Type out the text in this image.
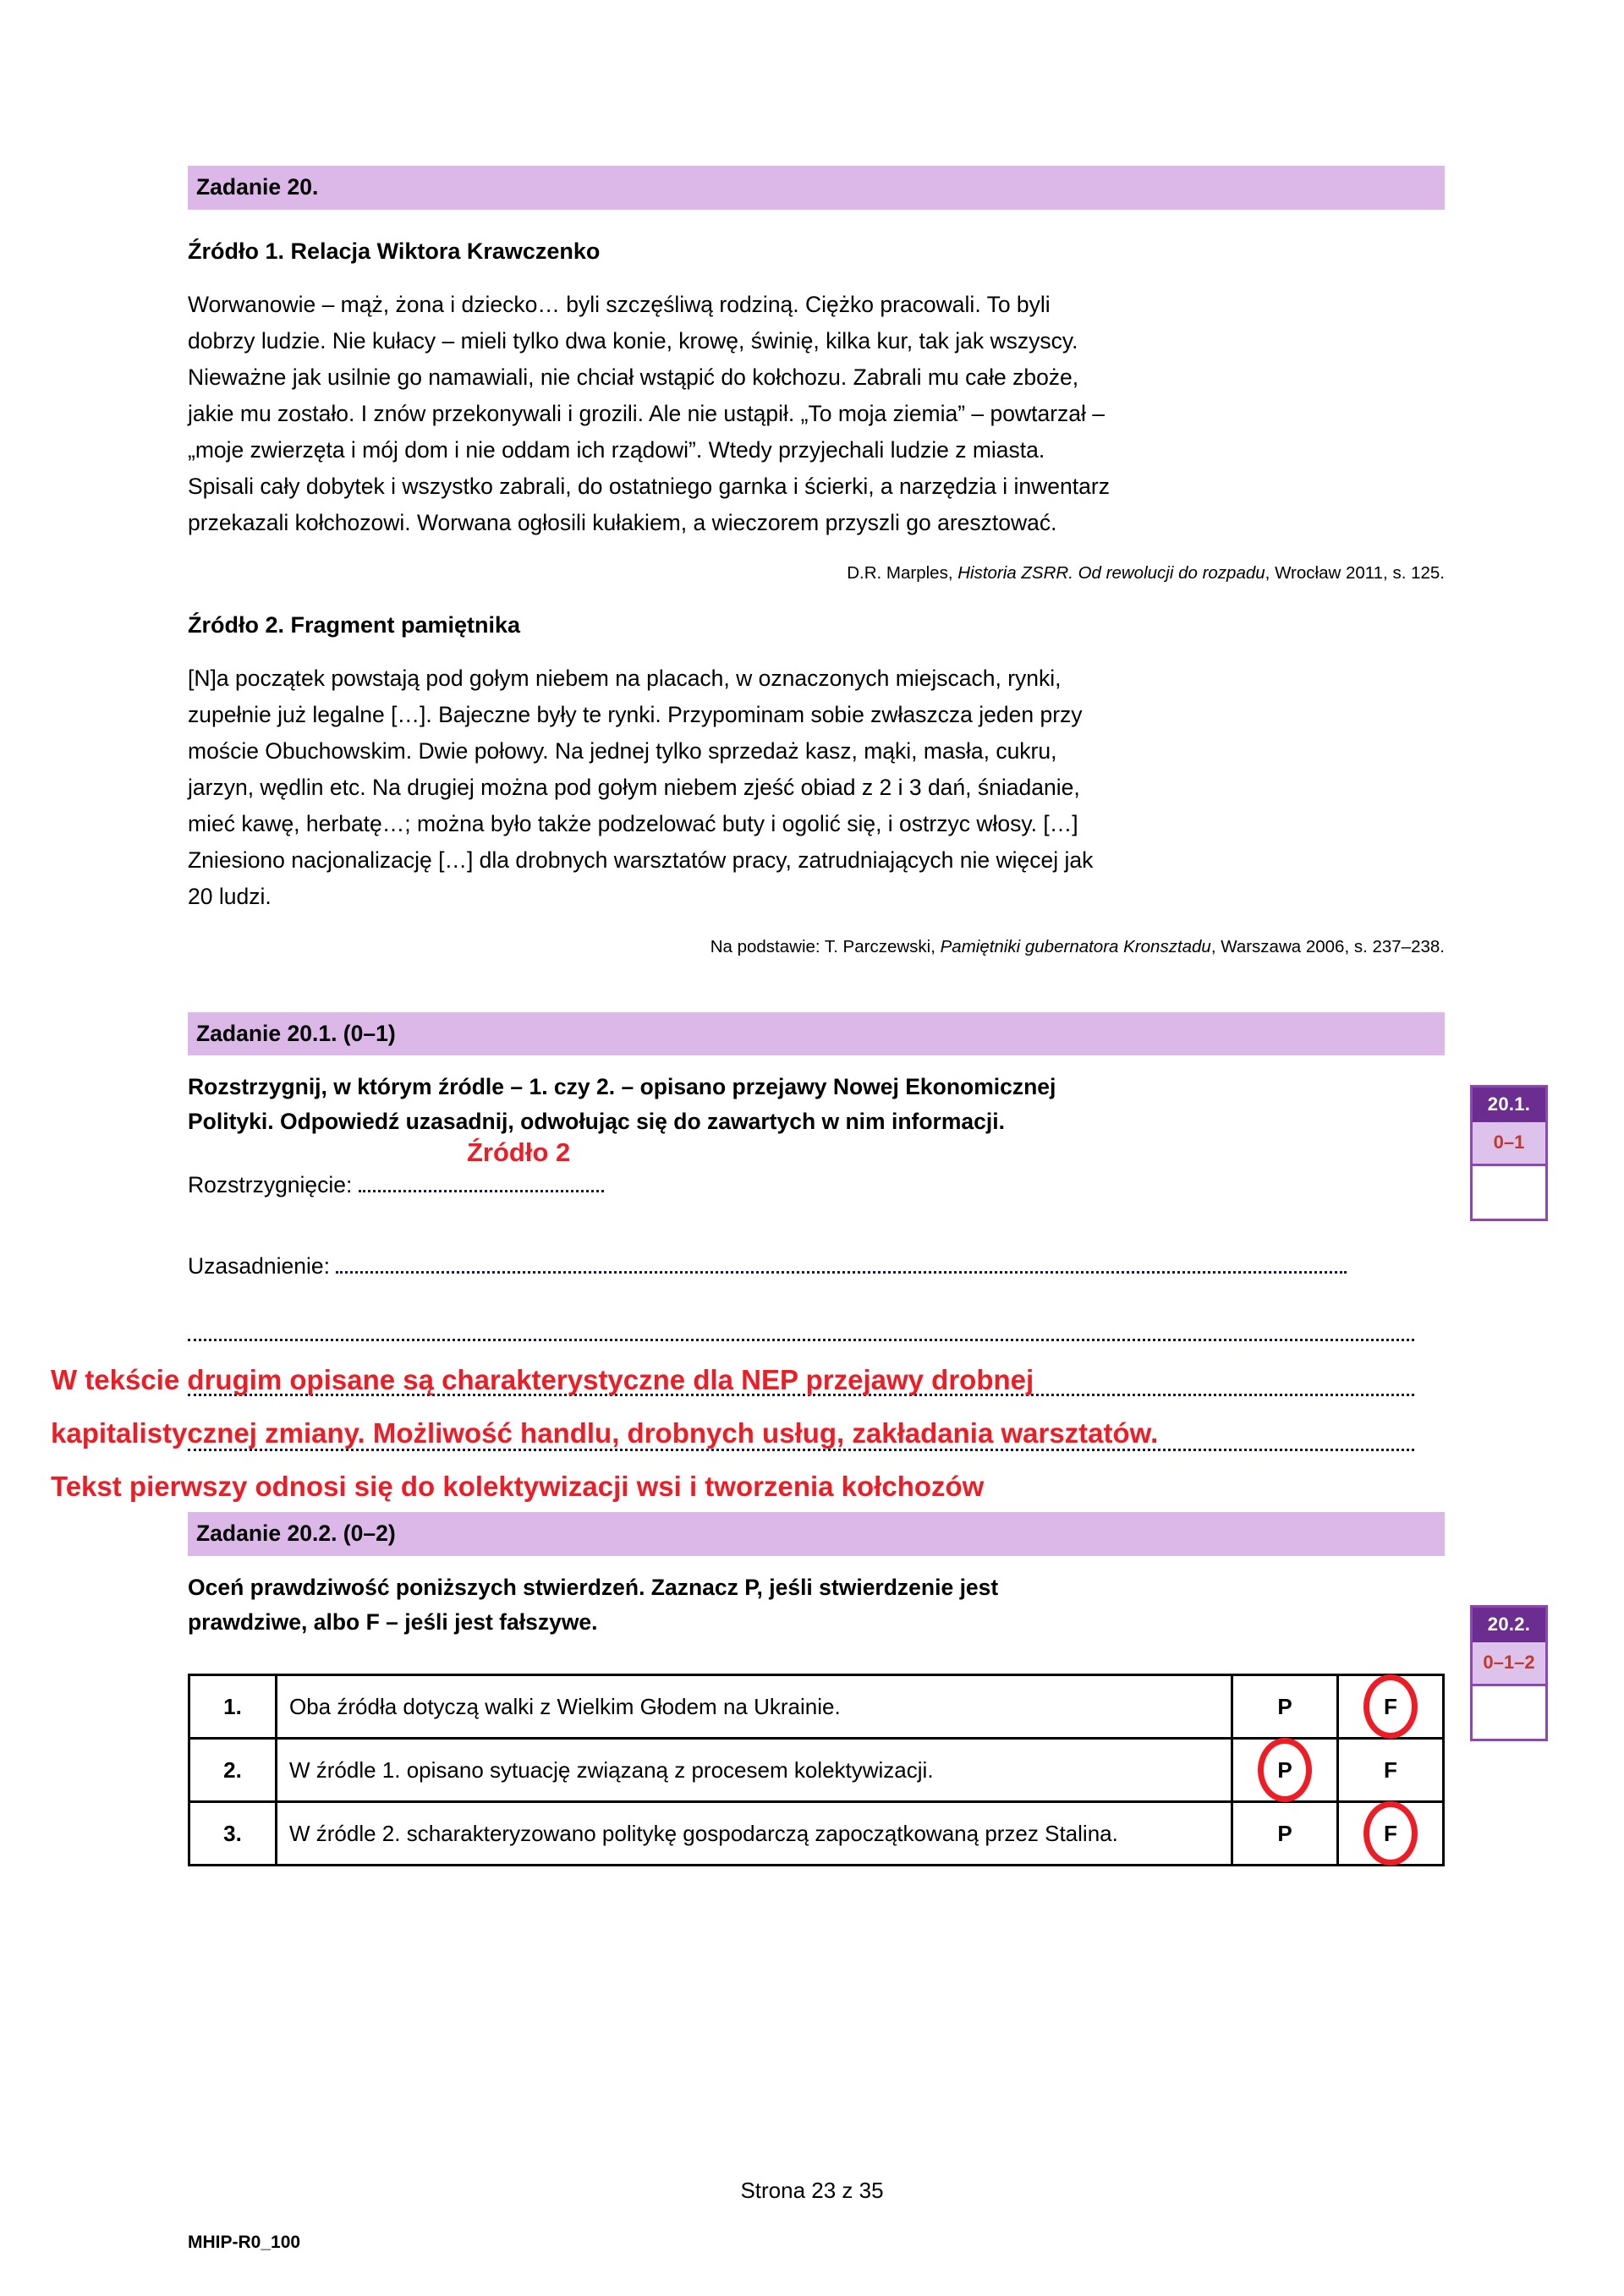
Zadanie 20.
Źródło 1. Relacja Wiktora Krawczenko
Worwanowie – mąż, żona i dziecko… byli szczęśliwą rodziną. Ciężko pracowali. To byli
dobrzy ludzie. Nie kułacy – mieli tylko dwa konie, krowę, świnię, kilka kur, tak jak wszyscy.
Nieważne jak usilnie go namawiali, nie chciał wstąpić do kołchozu. Zabrali mu całe zboże,
jakie mu zostało. I znów przekonywali i grozili. Ale nie ustąpił. „To moja ziemia” – powtarzał –
„moje zwierzęta i mój dom i nie oddam ich rządowi”. Wtedy przyjechali ludzie z miasta.
Spisali cały dobytek i wszystko zabrali, do ostatniego garnka i ścierki, a narzędzia i inwentarz
przekazali kołchozowi. Worwana ogłosili kułakiem, a wieczorem przyszli go aresztować.
D.R. Marples, Historia ZSRR. Od rewolucji do rozpadu, Wrocław 2011, s. 125.
Źródło 2. Fragment pamiętnika
[N]a początek powstają pod gołym niebem na placach, w oznaczonych miejscach, rynki,
zupełnie już legalne […]. Bajeczne były te rynki. Przypominam sobie zwłaszcza jeden przy
moście Obuchowskim. Dwie połowy. Na jednej tylko sprzedaż kasz, mąki, masła, cukru,
jarzyn, wędlin etc. Na drugiej można pod gołym niebem zjeść obiad z 2 i 3 dań, śniadanie,
mieć kawę, herbatę…; można było także podzelować buty i ogolić się, i ostrzyc włosy. […]
Zniesiono nacjonalizację […] dla drobnych warsztatów pracy, zatrudniających nie więcej jak
20 ludzi.
Na podstawie: T. Parczewski, Pamiętniki gubernatora Kronsztadu, Warszawa 2006, s. 237–238.
Zadanie 20.1. (0–1)
Rozstrzygnij, w którym źródle – 1. czy 2. – opisano przejawy Nowej Ekonomicznej
Polityki. Odpowiedź uzasadnij, odwołując się do zawartych w nim informacji.
Źródło 2
Rozstrzygnięcie:
Uzasadnienie:
Zadanie 20.2. (0–2)
Oceń prawdziwość poniższych stwierdzeń. Zaznacz P, jeśli stwierdzenie jest
prawdziwe, albo F – jeśli jest fałszywe.
1.	Oba źródła dotyczą walki z Wielkim Głodem na Ukrainie.	P	F

2.	W źródle 1. opisano sytuację związaną z procesem kolektywizacji.	P	F
3.	W źródle 2. scharakteryzowano politykę gospodarczą zapoczątkowaną przez Stalina.	P	F
W tekście drugim opisane są charakterystyczne dla NEP przejawy drobnej
kapitalistycznej zmiany. Możliwość handlu, drobnych usług, zakładania warsztatów.
Tekst pierwszy odnosi się do kolektywizacji wsi i tworzenia kołchozów
20.1.
0–1
20.2.
0–1–2
Strona 23 z 35
MHIP-R0_100
